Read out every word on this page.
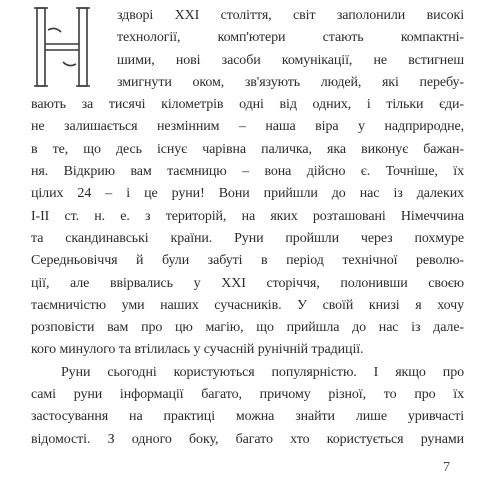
здворі XXI століття, світ заполонили високі
технології, комп'ютери стають компактні-
шими, нові засоби комунікації, не встигнеш
змигнути оком, зв'язують людей, які перебу-
вають за тисячі кілометрів одні від одних, і тільки єди-
не залишається незмінним – наша віра у надприродне,
в те, що десь існує чарівна паличка, яка виконує бажан-
ня. Відкрию вам таємницю – вона дійсно є. Точніше, їх
цілих 24 – і це руни! Вони прийшли до нас із далеких
I-II ст. н. е. з територій, на яких розташовані Німеччина
та скандинавські країни. Руни пройшли через похмуре
Середньовіччя й були забуті в період технічної револю-
ції, але ввірвались у XXI сторіччя, полонивши своєю
таємничістю уми наших сучасників. У своїй книзі я хочу
розповісти вам про цю магію, що прийшла до нас із дале-
кого минулого та втілилась у сучасній рунічній традиції.
Руни сьогодні користуються популярністю. І якщо про
самі руни інформації багато, причому різної, то про їх
застосування на практиці можна знайти лише уривчасті
відомості. З одного боку, багато хто користується рунами
7
